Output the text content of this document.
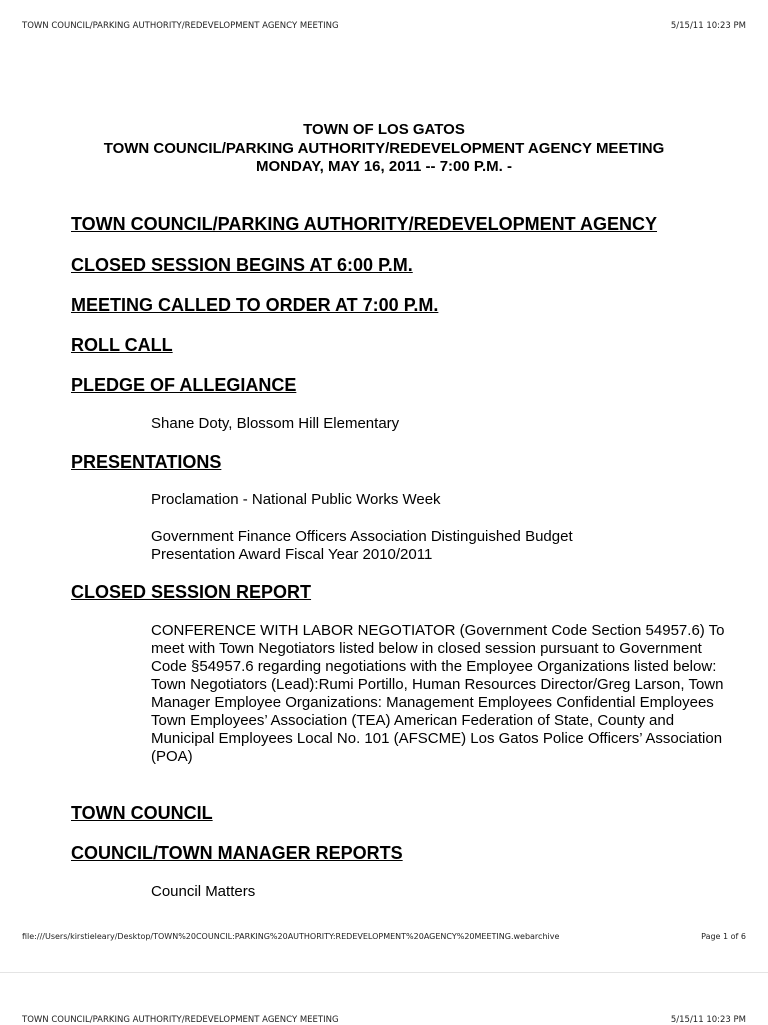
TOWN COUNCIL/PARKING AUTHORITY/REDEVELOPMENT AGENCY MEETING	5/15/11 10:23 PM
TOWN OF LOS GATOS
TOWN COUNCIL/PARKING AUTHORITY/REDEVELOPMENT AGENCY MEETING
MONDAY, MAY 16, 2011 -- 7:00 P.M. -
TOWN COUNCIL/PARKING AUTHORITY/REDEVELOPMENT AGENCY
CLOSED SESSION BEGINS AT 6:00 P.M.
MEETING CALLED TO ORDER AT 7:00 P.M.
ROLL CALL
PLEDGE OF ALLEGIANCE

Shane Doty, Blossom Hill Elementary

PRESENTATIONS

Proclamation - National Public Works Week

Government Finance Officers Association Distinguished Budget Presentation Award Fiscal Year 2010/2011

CLOSED SESSION REPORT

CONFERENCE WITH LABOR NEGOTIATOR (Government Code Section 54957.6) To meet with Town Negotiators listed below in closed session pursuant to Government Code §54957.6 regarding negotiations with the Employee Organizations listed below: Town Negotiators (Lead):Rumi Portillo, Human Resources Director/Greg Larson, Town Manager Employee Organizations: Management Employees Confidential Employees Town Employees’ Association (TEA) American Federation of State, County and Municipal Employees Local No. 101 (AFSCME) Los Gatos Police Officers’ Association (POA)

TOWN COUNCIL
COUNCIL/TOWN MANAGER REPORTS

Council Matters

file:///Users/kirstieleary/Desktop/TOWN%20COUNCIL:PARKING%20AUTHORITY:REDEVELOPMENT%20AGENCY%20MEETING.webarchive	Page 1 of 6
TOWN COUNCIL/PARKING AUTHORITY/REDEVELOPMENT AGENCY MEETING	5/15/11 10:23 PM
